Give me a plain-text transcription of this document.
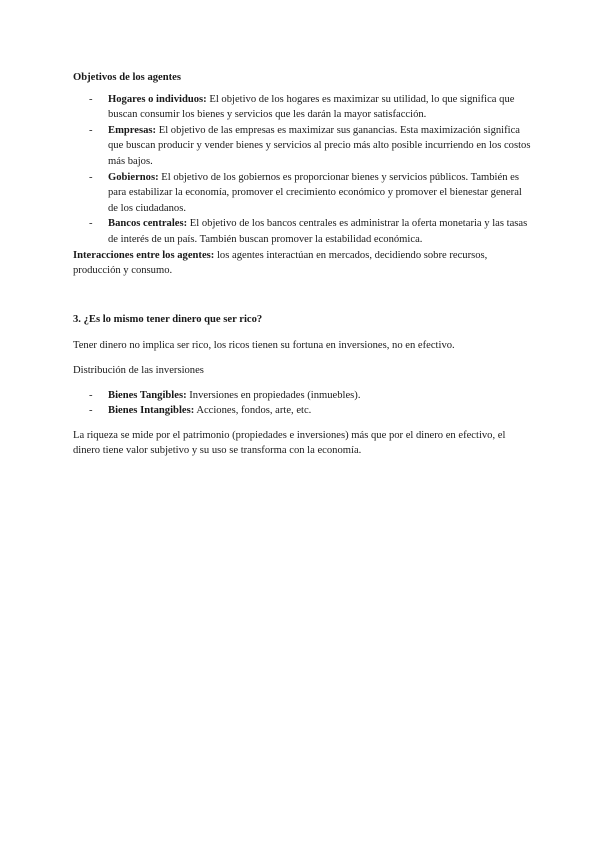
Objetivos de los agentes

- Hogares o individuos: El objetivo de los hogares es maximizar su utilidad, lo que significa que buscan consumir los bienes y servicios que les darán la mayor satisfacción.
- Empresas: El objetivo de las empresas es maximizar sus ganancias. Esta maximización significa que buscan producir y vender bienes y servicios al precio más alto posible incurriendo en los costos más bajos.
- Gobiernos: El objetivo de los gobiernos es proporcionar bienes y servicios públicos. También es para estabilizar la economía, promover el crecimiento económico y promover el bienestar general de los ciudadanos.
- Bancos centrales: El objetivo de los bancos centrales es administrar la oferta monetaria y las tasas de interés de un país. También buscan promover la estabilidad económica.

Interacciones entre los agentes: los agentes interactúan en mercados, decidiendo sobre recursos, producción y consumo.

3. ¿Es lo mismo tener dinero que ser rico?

Tener dinero no implica ser rico, los ricos tienen su fortuna en inversiones, no en efectivo.

Distribución de las inversiones

- Bienes Tangibles: Inversiones en propiedades (inmuebles).
- Bienes Intangibles: Acciones, fondos, arte, etc.

La riqueza se mide por el patrimonio (propiedades e inversiones) más que por el dinero en efectivo, el dinero tiene valor subjetivo y su uso se transforma con la economía.
